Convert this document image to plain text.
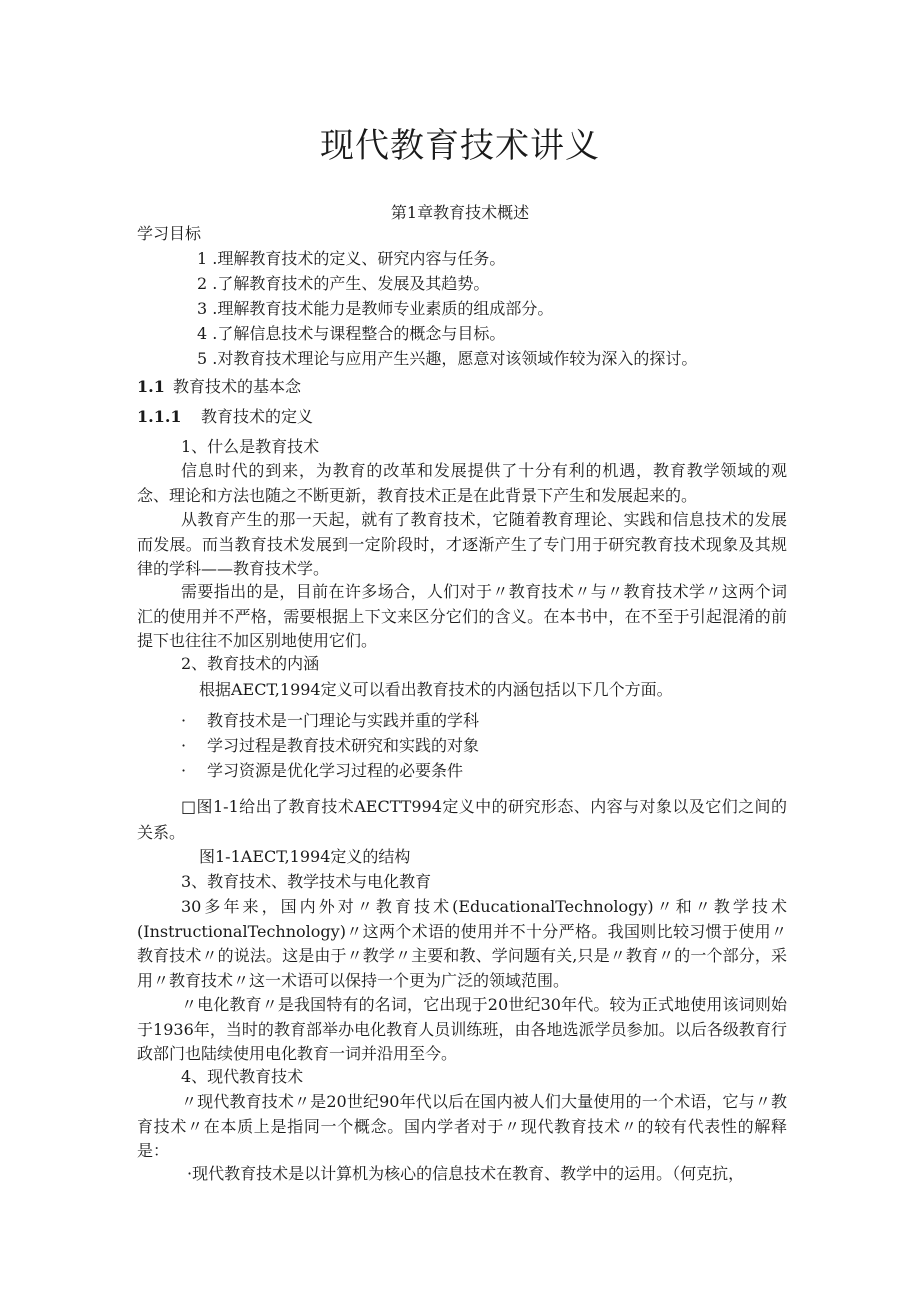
现代教育技术讲义
第1章教育技术概述
学习目标
1 .理解教育技术的定义、研究内容与任务。
2 .了解教育技术的产生、发展及其趋势。
3 .理解教育技术能力是教师专业素质的组成部分。
4 .了解信息技术与课程整合的概念与目标。
5 .对教育技术理论与应用产生兴趣，愿意对该领域作较为深入的探讨。
1.1 教育技术的基本念
1.1.1 教育技术的定义
1、什么是教育技术
信息时代的到来，为教育的改革和发展提供了十分有利的机遇，教育教学领域的观念、理论和方法也随之不断更新，教育技术正是在此背景下产生和发展起来的。
从教育产生的那一天起，就有了教育技术，它随着教育理论、实践和信息技术的发展而发展。而当教育技术发展到一定阶段时，才逐渐产生了专门用于研究教育技术现象及其规律的学科——教育技术学。
需要指出的是，目前在许多场合，人们对于〃教育技术〃与〃教育技术学〃这两个词汇的使用并不严格，需要根据上下文来区分它们的含义。在本书中，在不至于引起混淆的前提下也往往不加区别地使用它们。
2、教育技术的内涵
根据AECT,1994定义可以看出教育技术的内涵包括以下几个方面。
· 教育技术是一门理论与实践并重的学科
· 学习过程是教育技术研究和实践的对象
· 学习资源是优化学习过程的必要条件
□图1-1给出了教育技术AECTT994定义中的研究形态、内容与对象以及它们之间的关系。
图1-1AECT,1994定义的结构
3、教育技术、教学技术与电化教育
30多年来，国内外对〃教育技术(EducationalTechnology)〃和〃教学技术(InstructionalTechnology)〃这两个术语的使用并不十分严格。我国则比较习惯于使用〃教育技术〃的说法。这是由于〃教学〃主要和教、学问题有关,只是〃教育〃的一个部分，采用〃教育技术〃这一术语可以保持一个更为广泛的领域范围。
〃电化教育〃是我国特有的名词，它出现于20世纪30年代。较为正式地使用该词则始于1936年，当时的教育部举办电化教育人员训练班，由各地选派学员参加。以后各级教育行政部门也陆续使用电化教育一词并沿用至今。
4、现代教育技术
〃现代教育技术〃是20世纪90年代以后在国内被人们大量使用的一个术语，它与〃教育技术〃在本质上是指同一个概念。国内学者对于〃现代教育技术〃的较有代表性的解释是：
·现代教育技术是以计算机为核心的信息技术在教育、教学中的运用。（何克抗，
